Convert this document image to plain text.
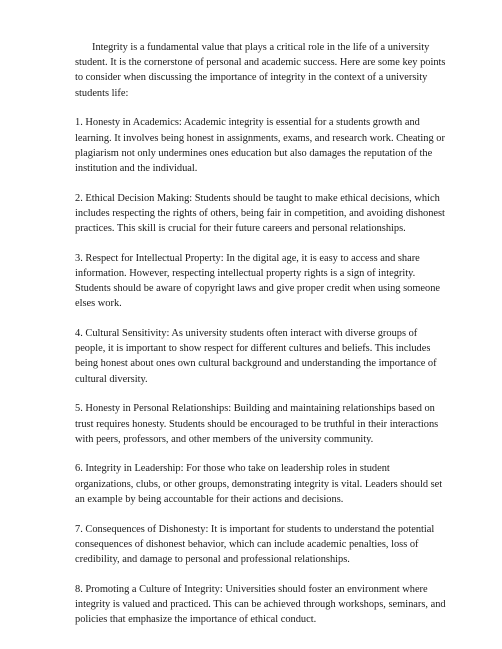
Integrity is a fundamental value that plays a critical role in the life of a university student. It is the cornerstone of personal and academic success. Here are some key points to consider when discussing the importance of integrity in the context of a university students life:

1. Honesty in Academics: Academic integrity is essential for a students growth and learning. It involves being honest in assignments, exams, and research work. Cheating or plagiarism not only undermines ones education but also damages the reputation of the institution and the individual.

2. Ethical Decision Making: Students should be taught to make ethical decisions, which includes respecting the rights of others, being fair in competition, and avoiding dishonest practices. This skill is crucial for their future careers and personal relationships.

3. Respect for Intellectual Property: In the digital age, it is easy to access and share information. However, respecting intellectual property rights is a sign of integrity. Students should be aware of copyright laws and give proper credit when using someone elses work.

4. Cultural Sensitivity: As university students often interact with diverse groups of people, it is important to show respect for different cultures and beliefs. This includes being honest about ones own cultural background and understanding the importance of cultural diversity.

5. Honesty in Personal Relationships: Building and maintaining relationships based on trust requires honesty. Students should be encouraged to be truthful in their interactions with peers, professors, and other members of the university community.

6. Integrity in Leadership: For those who take on leadership roles in student organizations, clubs, or other groups, demonstrating integrity is vital. Leaders should set an example by being accountable for their actions and decisions.

7. Consequences of Dishonesty: It is important for students to understand the potential consequences of dishonest behavior, which can include academic penalties, loss of credibility, and damage to personal and professional relationships.

8. Promoting a Culture of Integrity: Universities should foster an environment where integrity is valued and practiced. This can be achieved through workshops, seminars, and policies that emphasize the importance of ethical conduct.
